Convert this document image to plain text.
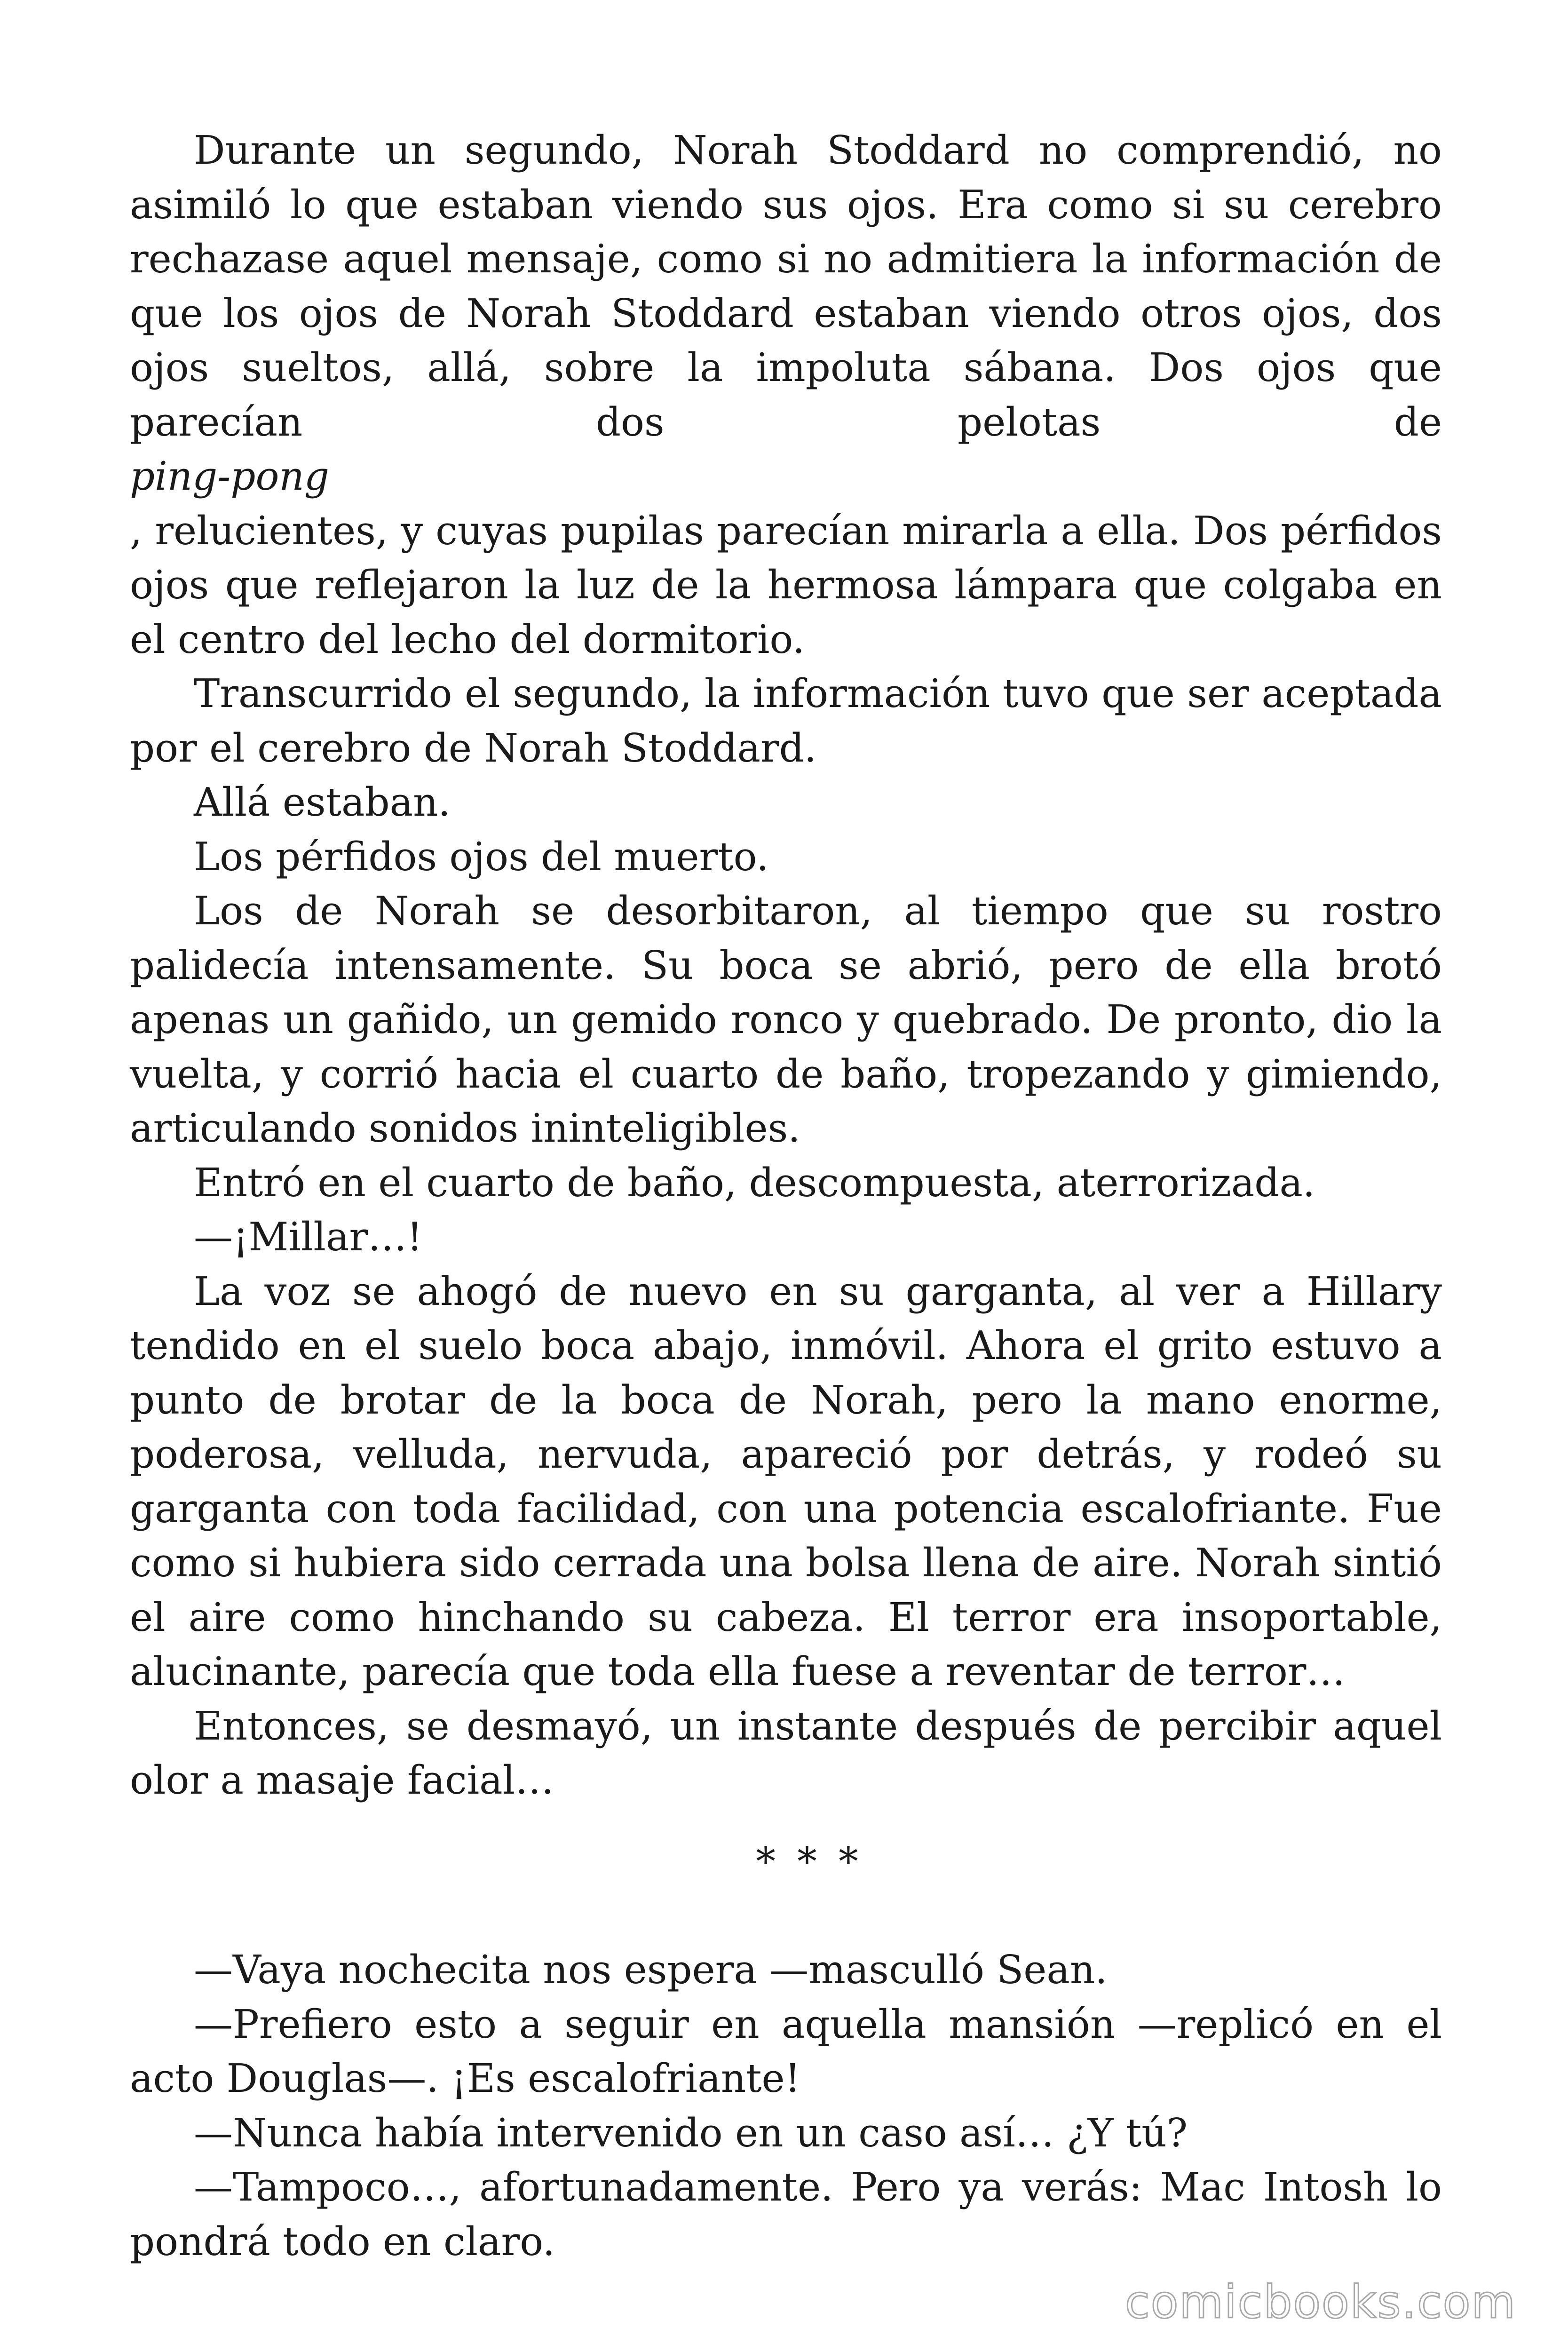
Durante un segundo, Norah Stoddard no comprendió, no asimiló lo que estaban viendo sus ojos. Era como si su cerebro rechazase aquel mensaje, como si no admitiera la información de que los ojos de Norah Stoddard estaban viendo otros ojos, dos ojos sueltos, allá, sobre la impoluta sábana. Dos ojos que parecían dos pelotas de

ping-pong

, relucientes, y cuyas pupilas parecían mirarla a ella. Dos pérfidos ojos que reflejaron la luz de la hermosa lámpara que colgaba en el centro del lecho del dormitorio.

Transcurrido el segundo, la información tuvo que ser aceptada por el cerebro de Norah Stoddard.

Allá estaban.

Los pérfidos ojos del muerto.

Los de Norah se desorbitaron, al tiempo que su rostro palidecía intensamente. Su boca se abrió, pero de ella brotó apenas un gañido, un gemido ronco y quebrado. De pronto, dio la vuelta, y corrió hacia el cuarto de baño, tropezando y gimiendo, articulando sonidos ininteligibles.

Entró en el cuarto de baño, descompuesta, aterrorizada.

—¡Millar…!

La voz se ahogó de nuevo en su garganta, al ver a Hillary tendido en el suelo boca abajo, inmóvil. Ahora el grito estuvo a punto de brotar de la boca de Norah, pero la mano enorme, poderosa, velluda, nervuda, apareció por detrás, y rodeó su garganta con toda facilidad, con una potencia escalofriante. Fue como si hubiera sido cerrada una bolsa llena de aire. Norah sintió el aire como hinchando su cabeza. El terror era insoportable, alucinante, parecía que toda ella fuese a reventar de terror…

Entonces, se desmayó, un instante después de percibir aquel olor a masaje facial…

* * *

—Vaya nochecita nos espera —masculló Sean.

—Prefiero esto a seguir en aquella mansión —replicó en el acto Douglas—. ¡Es escalofriante!

—Nunca había intervenido en un caso así… ¿Y tú?

—Tampoco…, afortunadamente. Pero ya verás: Mac Intosh lo pondrá todo en claro.

comicbooks.com
